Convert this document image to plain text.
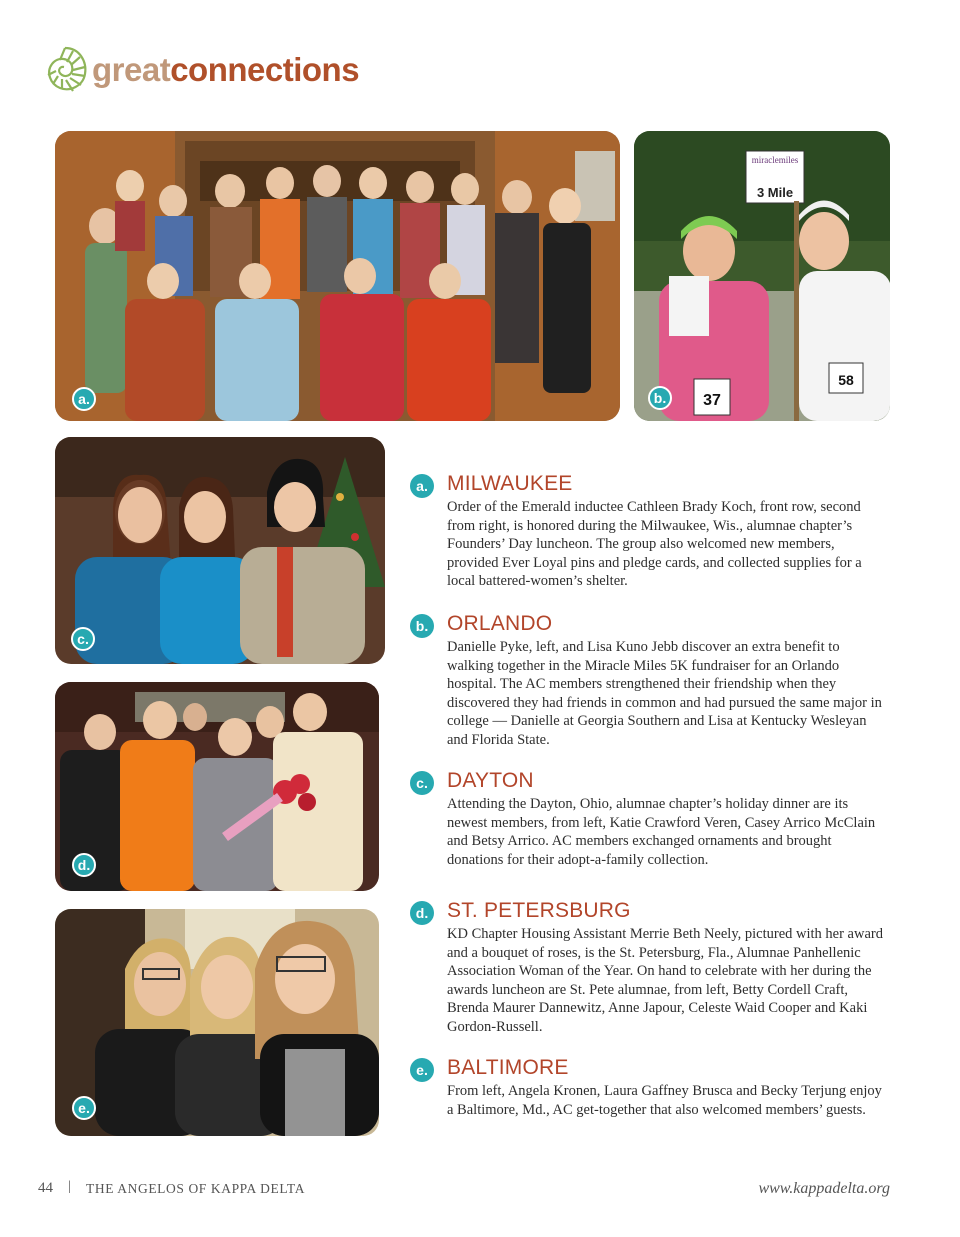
greatconnections
a.
miraclemiles
3 Mile
37
58
b.
c.
d.
e.
a. MILWAUKEE

Order of the Emerald inductee Cathleen Brady Koch, front row, second from right, is honored during the Milwaukee, Wis., alumnae chapter’s Founders’ Day luncheon. The group also welcomed new members, provided Ever Loyal pins and pledge cards, and collected supplies for a local battered-women’s shelter.

b. ORLANDO

Danielle Pyke, left, and Lisa Kuno Jebb discover an extra benefit to walking together in the Miracle Miles 5K fundraiser for an Orlando hospital. The AC members strengthened their friendship when they discovered they had friends in common and had pursued the same major in college — Danielle at Georgia Southern and Lisa at Kentucky Wesleyan and Florida State.

c. DAYTON

Attending the Dayton, Ohio, alumnae chapter’s holiday dinner are its newest members, from left, Katie Crawford Veren, Casey Arrico McClain and Betsy Arrico. AC members exchanged ornaments and brought donations for their adopt-a-family collection.

d. ST. PETERSBURG

KD Chapter Housing Assistant Merrie Beth Neely, pictured with her award and a bouquet of roses, is the St. Petersburg, Fla., Alumnae Panhellenic Association Woman of the Year. On hand to celebrate with her during the awards luncheon are St. Pete alumnae, from left, Betty Cordell Craft, Brenda Maurer Dannewitz, Anne Japour, Celeste Waid Cooper and Kaki Gordon-Russell.

e. BALTIMORE

From left, Angela Kronen, Laura Gaffney Brusca and Becky Terjung enjoy a Baltimore, Md., AC get-together that also welcomed members’ guests.

44 | THE ANGELOS OF KAPPA DELTA	www.kappadelta.org
